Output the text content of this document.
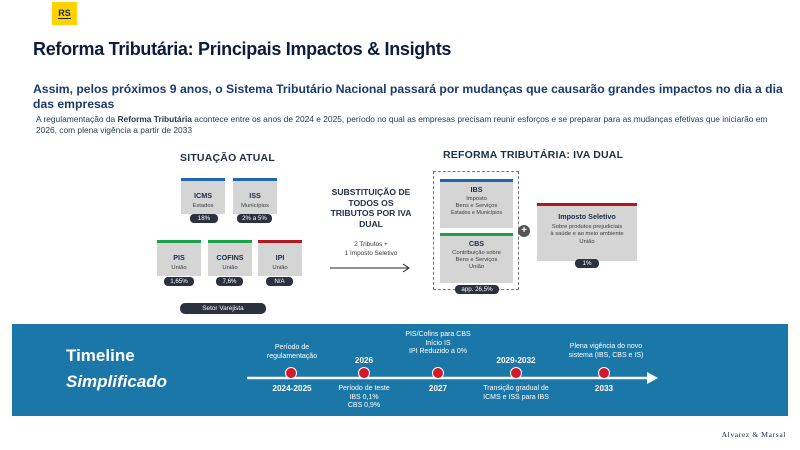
RS
Reforma Tributária: Principais Impactos & Insights
Assim, pelos próximos 9 anos, o Sistema Tributário Nacional passará por mudanças que causarão grandes impactos no dia a dia das empresas
A regulamentação da Reforma Tributária acontece entre os anos de 2024 e 2025, período no qual as empresas precisam reunir esforços e se preparar para as mudanças efetivas que iniciarão em 2026, com plena vigência a partir de 2033
SITUAÇÃO ATUAL
ICMS
Estados
18%
ISS
Municípios
2% a 5%
PIS
União
1,65%
COFINS
União
7,6%
IPI
União
N/A
Setor Varejista
SUBSTITUIÇÃO DE TODOS OS TRIBUTOS POR IVA DUAL
2 Tributos +
1 Imposto Seletivo
REFORMA TRIBUTÁRIA: IVA DUAL
IBS
Imposto
Bens e Serviços
Estados e Municípios
CBS
Contribuição sobre
Bens e Serviços
União
app. 26,5%
+
Imposto Seletivo
Sobre produtos prejudiciais
à saúde e ao meio ambiente
União
1%
Timeline
Simplificado	2024-2025
Período de regulamentação	2026
Período de teste
IBS 0,1%
CBS 0,9%
2027
PIS/Cofins para CBS
Início IS
IPI Reduzido a 0%
2029-2032
Transição gradual de
ICMS e ISS para IBS
2033
Plena vigência do novo
sistema (IBS, CBS e IS)
Alvarez & Marsal
